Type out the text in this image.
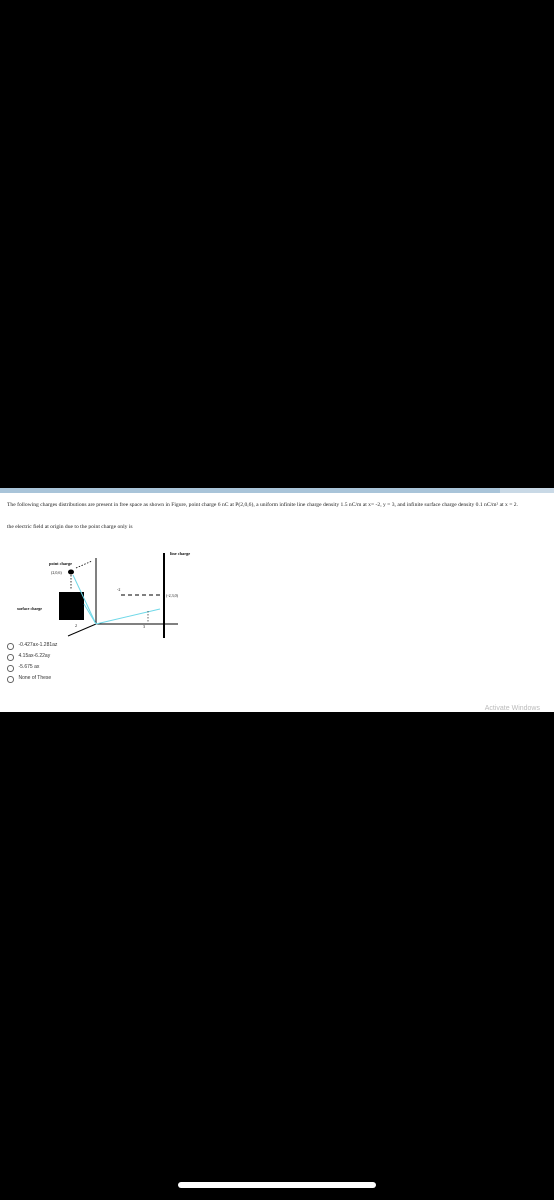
The following charges distributions are present in free space as shown in Figure, point charge 6 nC at P(2,0,6), a uniform infinite line charge density 1.5 nC/m at x= -2, y = 3, and infinite surface charge density 0.1 nC/m² at x = 2.
the electric field at origin due to the point charge only is
line charge
point charge
(2,0,6)
(-2,3,0)
surface charge
-2
2	3
-0.427ax-1.281az
4.15ax-6.22ay
-5.675 ax
None of These
Activate Windows
